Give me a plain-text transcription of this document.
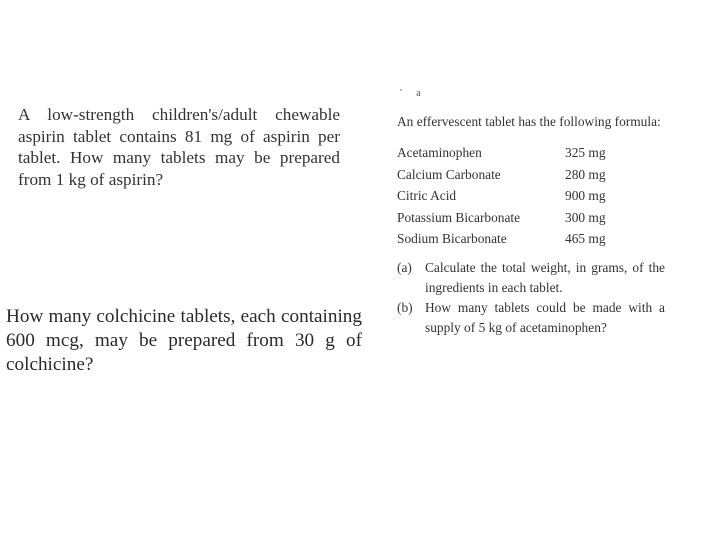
A low-strength children's/adult chewable aspirin tablet contains 81 mg of aspirin per tablet. How many tablets may be prepared from 1 kg of aspirin?

How many colchicine tablets, each containing 600 mcg, may be prepared from 30 g of colchicine?

' a

An effervescent tablet has the following formula:

Acetaminophen	325 mg
Calcium Carbonate	280 mg
Citric Acid	900 mg
Potassium Bicarbonate	300 mg
Sodium Bicarbonate	465 mg
(a) Calculate the total weight, in grams, of the ingredients in each tablet.
(b) How many tablets could be made with a supply of 5 kg of acetaminophen?
